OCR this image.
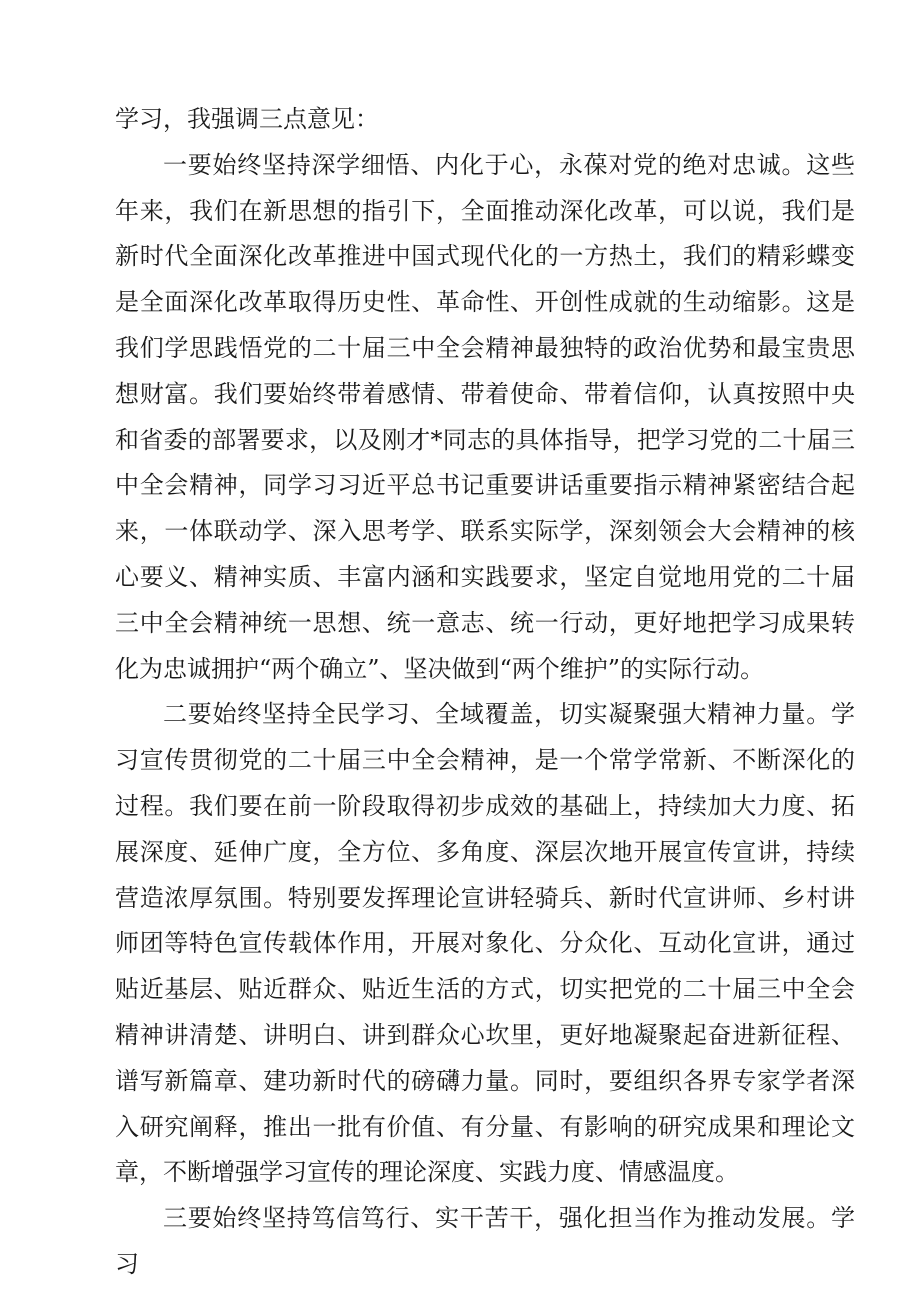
学习，我强调三点意见：

一要始终坚持深学细悟、内化于心，永葆对党的绝对忠诚。这些年来，我们在新思想的指引下，全面推动深化改革，可以说，我们是新时代全面深化改革推进中国式现代化的一方热土，我们的精彩蝶变是全面深化改革取得历史性、革命性、开创性成就的生动缩影。这是我们学思践悟党的二十届三中全会精神最独特的政治优势和最宝贵思想财富。我们要始终带着感情、带着使命、带着信仰，认真按照中央和省委的部署要求，以及刚才*同志的具体指导，把学习党的二十届三中全会精神，同学习习近平总书记重要讲话重要指示精神紧密结合起来，一体联动学、深入思考学、联系实际学，深刻领会大会精神的核心要义、精神实质、丰富内涵和实践要求，坚定自觉地用党的二十届三中全会精神统一思想、统一意志、统一行动，更好地把学习成果转化为忠诚拥护“两个确立”、坚决做到“两个维护”的实际行动。

二要始终坚持全民学习、全域覆盖，切实凝聚强大精神力量。学习宣传贯彻党的二十届三中全会精神，是一个常学常新、不断深化的过程。我们要在前一阶段取得初步成效的基础上，持续加大力度、拓展深度、延伸广度，全方位、多角度、深层次地开展宣传宣讲，持续营造浓厚氛围。特别要发挥理论宣讲轻骑兵、新时代宣讲师、乡村讲师团等特色宣传载体作用，开展对象化、分众化、互动化宣讲，通过贴近基层、贴近群众、贴近生活的方式，切实把党的二十届三中全会精神讲清楚、讲明白、讲到群众心坎里，更好地凝聚起奋进新征程、谱写新篇章、建功新时代的磅礴力量。同时，要组织各界专家学者深入研究阐释，推出一批有价值、有分量、有影响的研究成果和理论文章，不断增强学习宣传的理论深度、实践力度、情感温度。

三要始终坚持笃信笃行、实干苦干，强化担当作为推动发展。学习
